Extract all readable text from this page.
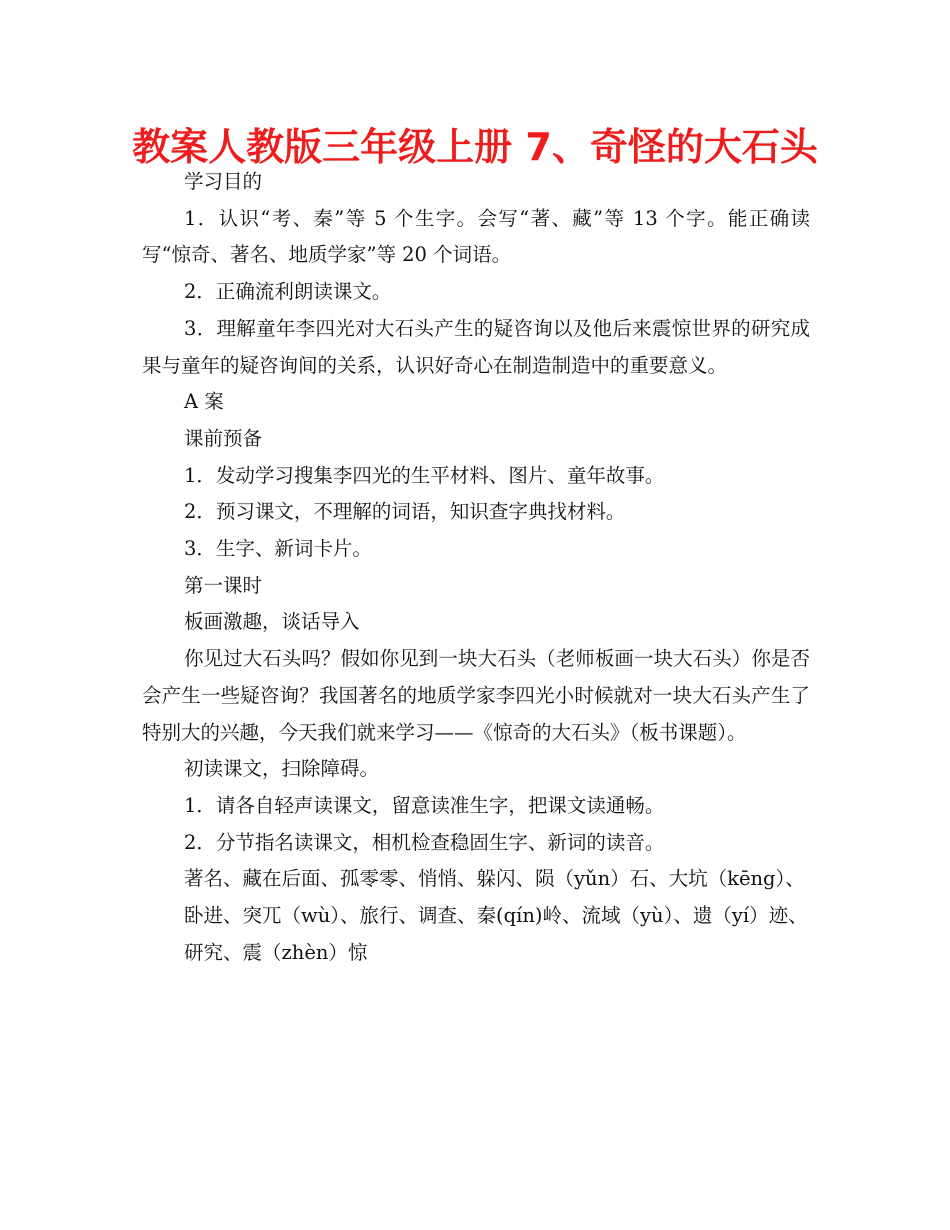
教案人教版三年级上册 7、奇怪的大石头

学习目的

1．认识“考、秦”等 5 个生字。会写“著、藏”等 13 个字。能正确读写“惊奇、著名、地质学家”等 20 个词语。

2．正确流利朗读课文。

3．理解童年李四光对大石头产生的疑咨询以及他后来震惊世界的研究成果与童年的疑咨询间的关系，认识好奇心在制造制造中的重要意义。

A 案

课前预备

1．发动学习搜集李四光的生平材料、图片、童年故事。

2．预习课文，不理解的词语，知识查字典找材料。

3．生字、新词卡片。

第一课时

板画激趣，谈话导入

你见过大石头吗？假如你见到一块大石头（老师板画一块大石头）你是否会产生一些疑咨询？我国著名的地质学家李四光小时候就对一块大石头产生了特别大的兴趣，今天我们就来学习——《惊奇的大石头》（板书课题）。

初读课文，扫除障碍。

1．请各自轻声读课文，留意读准生字，把课文读通畅。

2．分节指名读课文，相机检查稳固生字、新词的读音。

著名、藏在后面、孤零零、悄悄、躲闪、陨（yǔn）石、大坑（kēng）、

卧进、突兀（wù）、旅行、调查、秦(qín)岭、流域（yù）、遗（yí）迹、

研究、震（zhèn）惊
